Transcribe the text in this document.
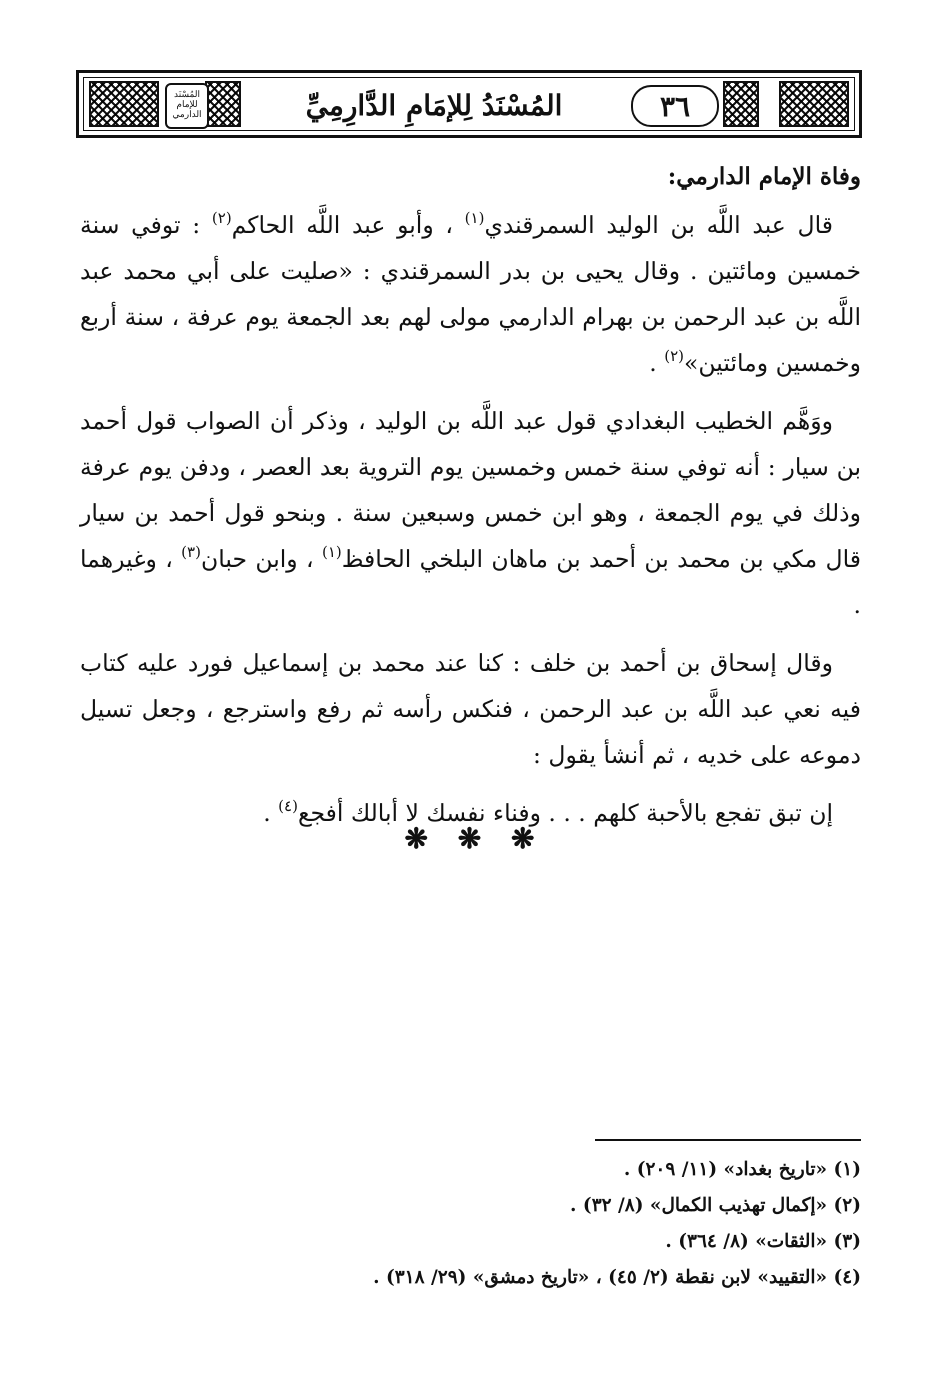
٣٦
المُسْنَدُ لِلإمَامِ الدَّارِمِيِّ
المُسْنَد للإمام الدارمي
وفاة الإمام الدارمي:

قال عبد اللَّه بن الوليد السمرقندي$^{(١)}$ ، وأبو عبد اللَّه الحاكم$^{(٢)}$ : توفي سنة خمسين ومائتين . وقال يحيى بن بدر السمرقندي : «صليت على أبي محمد عبد اللَّه بن عبد الرحمن بن بهرام الدارمي مولى لهم بعد الجمعة يوم عرفة ، سنة أربع وخمسين ومائتين»$^{(٢)}$ .

ووَهَّم الخطيب البغدادي قول عبد اللَّه بن الوليد ، وذكر أن الصواب قول أحمد بن سيار : أنه توفي سنة خمس وخمسين يوم التروية بعد العصر ، ودفن يوم عرفة وذلك في يوم الجمعة ، وهو ابن خمس وسبعين سنة . وبنحو قول أحمد بن سيار قال مكي بن محمد بن أحمد بن ماهان البلخي الحافظ$^{(١)}$ ، وابن حبان$^{(٣)}$ ، وغيرهما .

وقال إسحاق بن أحمد بن خلف : كنا عند محمد بن إسماعيل فورد عليه كتاب فيه نعي عبد اللَّه بن عبد الرحمن ، فنكس رأسه ثم رفع واسترجع ، وجعل تسيل دموعه على خديه ، ثم أنشأ يقول :

إن تبق تفجع بالأحبة كلهم . . . وفناء نفسك لا أبالك أفجع$^{(٤)}$ .

❋ ❋ ❋

(١) «تاريخ بغداد» (١١/ ٢٠٩) .

(٢) «إكمال تهذيب الكمال» (٨/ ٣٢) .

(٣) «الثقات» (٨/ ٣٦٤) .

(٤) «التقييد» لابن نقطة (٢/ ٤٥) ، «تاريخ دمشق» (٢٩/ ٣١٨) .
